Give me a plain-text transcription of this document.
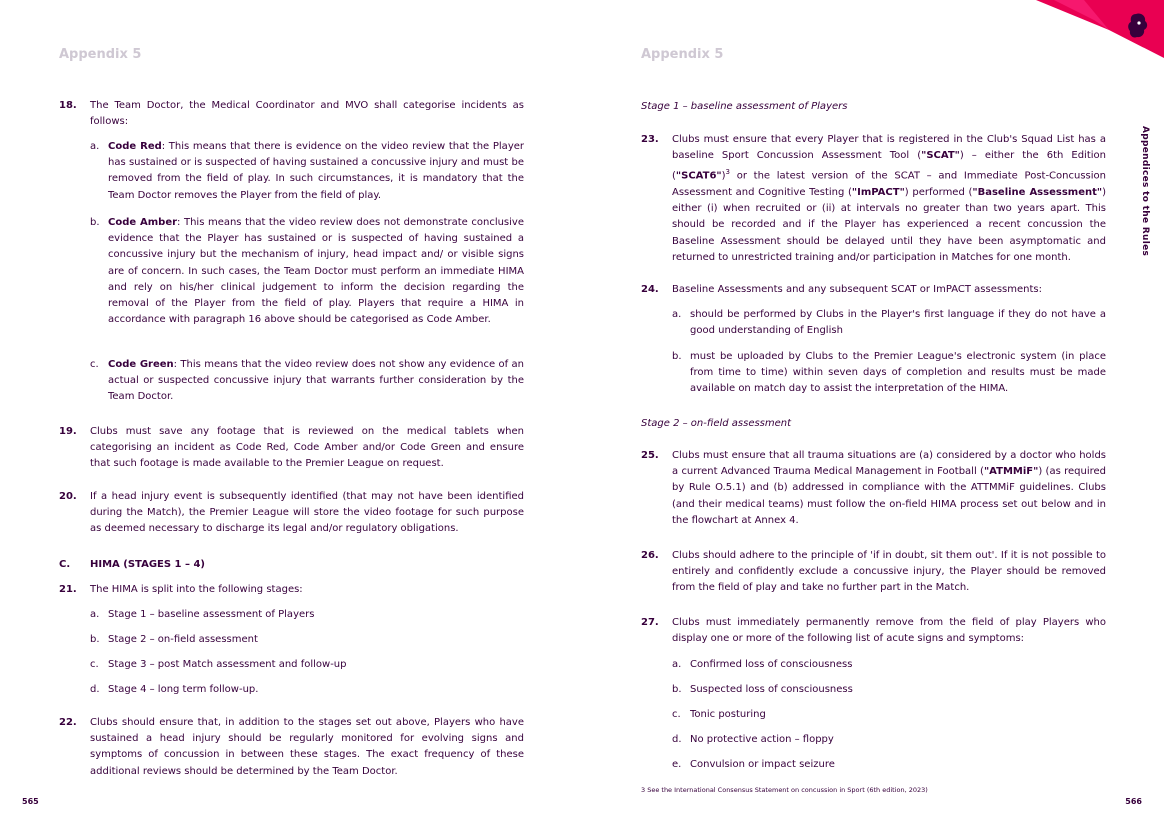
Appendix 5
18. The Team Doctor, the Medical Coordinator and MVO shall categorise incidents as follows:
a. Code Red: This means that there is evidence on the video review that the Player has sustained or is suspected of having sustained a concussive injury and must be removed from the field of play. In such circumstances, it is mandatory that the Team Doctor removes the Player from the field of play.
b. Code Amber: This means that the video review does not demonstrate conclusive evidence that the Player has sustained or is suspected of having sustained a concussive injury but the mechanism of injury, head impact and/ or visible signs are of concern. In such cases, the Team Doctor must perform an immediate HIMA and rely on his/her clinical judgement to inform the decision regarding the removal of the Player from the field of play. Players that require a HIMA in accordance with paragraph 16 above should be categorised as Code Amber.
c. Code Green: This means that the video review does not show any evidence of an actual or suspected concussive injury that warrants further consideration by the Team Doctor.
19. Clubs must save any footage that is reviewed on the medical tablets when categorising an incident as Code Red, Code Amber and/or Code Green and ensure that such footage is made available to the Premier League on request.
20. If a head injury event is subsequently identified (that may not have been identified during the Match), the Premier League will store the video footage for such purpose as deemed necessary to discharge its legal and/or regulatory obligations.
C. HIMA (STAGES 1 – 4)
21. The HIMA is split into the following stages:
a. Stage 1 – baseline assessment of Players
b. Stage 2 – on-field assessment
c. Stage 3 – post Match assessment and follow-up
d. Stage 4 – long term follow-up.
22. Clubs should ensure that, in addition to the stages set out above, Players who have sustained a head injury should be regularly monitored for evolving signs and symptoms of concussion in between these stages. The exact frequency of these additional reviews should be determined by the Team Doctor.
565
Appendix 5
Stage 1 – baseline assessment of Players
23. Clubs must ensure that every Player that is registered in the Club's Squad List has a baseline Sport Concussion Assessment Tool ("SCAT") – either the 6th Edition ("SCAT6")$^3$ or the latest version of the SCAT – and Immediate Post-Concussion Assessment and Cognitive Testing ("ImPACT") performed ("Baseline Assessment") either (i) when recruited or (ii) at intervals no greater than two years apart. This should be recorded and if the Player has experienced a recent concussion the Baseline Assessment should be delayed until they have been asymptomatic and returned to unrestricted training and/or participation in Matches for one month.
24. Baseline Assessments and any subsequent SCAT or ImPACT assessments:
a. should be performed by Clubs in the Player's first language if they do not have a good understanding of English
b. must be uploaded by Clubs to the Premier League's electronic system (in place from time to time) within seven days of completion and results must be made available on match day to assist the interpretation of the HIMA.
Stage 2 – on-field assessment
25. Clubs must ensure that all trauma situations are (a) considered by a doctor who holds a current Advanced Trauma Medical Management in Football ("ATMMiF") (as required by Rule O.5.1) and (b) addressed in compliance with the ATTMMiF guidelines. Clubs (and their medical teams) must follow the on-field HIMA process set out below and in the flowchart at Annex 4.
26. Clubs should adhere to the principle of 'if in doubt, sit them out'. If it is not possible to entirely and confidently exclude a concussive injury, the Player should be removed from the field of play and take no further part in the Match.
27. Clubs must immediately permanently remove from the field of play Players who display one or more of the following list of acute signs and symptoms:
a. Confirmed loss of consciousness
b. Suspected loss of consciousness
c. Tonic posturing
d. No protective action – floppy
e. Convulsion or impact seizure
3 See the International Consensus Statement on concussion in Sport (6th edition, 2023)
566
Appendices to the Rules
